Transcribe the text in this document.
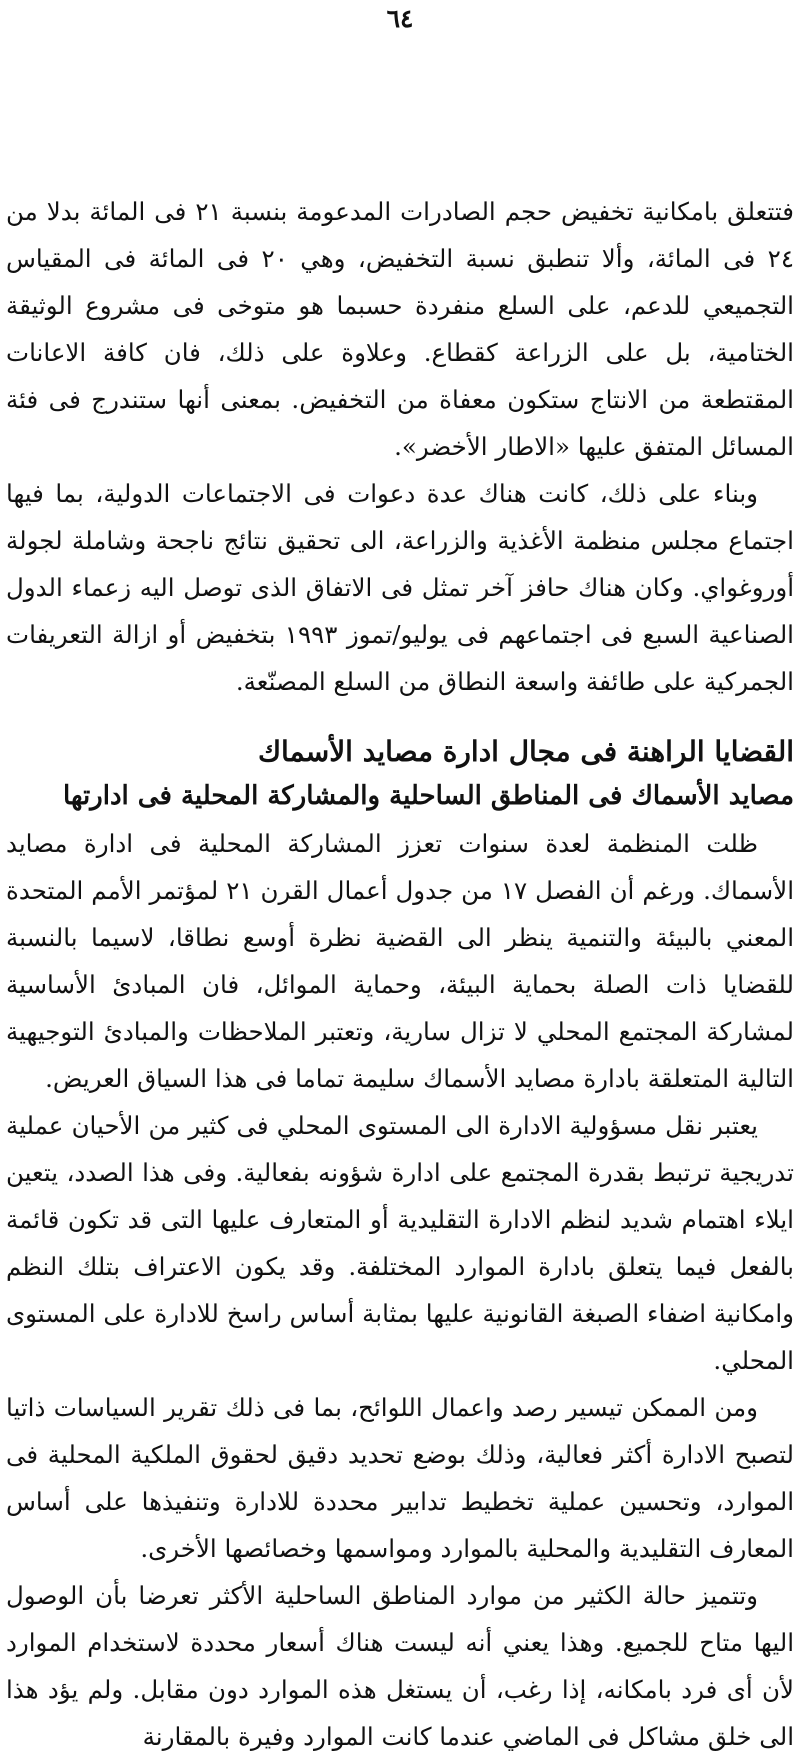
٦٤

فتتعلق بامكانية تخفيض حجم الصادرات المدعومة بنسبة ٢١ فى المائة بدلا من ٢٤ فى المائة، وألا تنطبق نسبة التخفيض، وهي ٢٠ فى المائة فى المقياس التجميعي للدعم، على السلع منفردة حسبما هو متوخى فى مشروع الوثيقة الختامية، بل على الزراعة كقطاع. وعلاوة على ذلك، فان كافة الاعانات المقتطعة من الانتاج ستكون معفاة من التخفيض. بمعنى أنها ستندرج فى فئة المسائل المتفق عليها «الاطار الأخضر».

وبناء على ذلك، كانت هناك عدة دعوات فى الاجتماعات الدولية، بما فيها اجتماع مجلس منظمة الأغذية والزراعة، الى تحقيق نتائج ناجحة وشاملة لجولة أوروغواي. وكان هناك حافز آخر تمثل فى الاتفاق الذى توصل اليه زعماء الدول الصناعية السبع فى اجتماعهم فى يوليو/تموز ١٩٩٣ بتخفيض أو ازالة التعريفات الجمركية على طائفة واسعة النطاق من السلع المصنّعة.

القضايا الراهنة فى مجال ادارة مصايد الأسماك
مصايد الأسماك فى المناطق الساحلية والمشاركة المحلية فى ادارتها

ظلت المنظمة لعدة سنوات تعزز المشاركة المحلية فى ادارة مصايد الأسماك. ورغم أن الفصل ١٧ من جدول أعمال القرن ٢١ لمؤتمر الأمم المتحدة المعني بالبيئة والتنمية ينظر الى القضية نظرة أوسع نطاقا، لاسيما بالنسبة للقضايا ذات الصلة بحماية البيئة، وحماية الموائل، فان المبادئ الأساسية لمشاركة المجتمع المحلي لا تزال سارية، وتعتبر الملاحظات والمبادئ التوجيهية التالية المتعلقة بادارة مصايد الأسماك سليمة تماما فى هذا السياق العريض.

يعتبر نقل مسؤولية الادارة الى المستوى المحلي فى كثير من الأحيان عملية تدريجية ترتبط بقدرة المجتمع على ادارة شؤونه بفعالية. وفى هذا الصدد، يتعين ايلاء اهتمام شديد لنظم الادارة التقليدية أو المتعارف عليها التى قد تكون قائمة بالفعل فيما يتعلق بادارة الموارد المختلفة. وقد يكون الاعتراف بتلك النظم وامكانية اضفاء الصبغة القانونية عليها بمثابة أساس راسخ للادارة على المستوى المحلي.

ومن الممكن تيسير رصد واعمال اللوائح، بما فى ذلك تقرير السياسات ذاتيا لتصبح الادارة أكثر فعالية، وذلك بوضع تحديد دقيق لحقوق الملكية المحلية فى الموارد، وتحسين عملية تخطيط تدابير محددة للادارة وتنفيذها على أساس المعارف التقليدية والمحلية بالموارد ومواسمها وخصائصها الأخرى.

وتتميز حالة الكثير من موارد المناطق الساحلية الأكثر تعرضا بأن الوصول اليها متاح للجميع. وهذا يعني أنه ليست هناك أسعار محددة لاستخدام الموارد لأن أى فرد بامكانه، إذا رغب، أن يستغل هذه الموارد دون مقابل. ولم يؤد هذا الى خلق مشاكل فى الماضي عندما كانت الموارد وفيرة بالمقارنة
